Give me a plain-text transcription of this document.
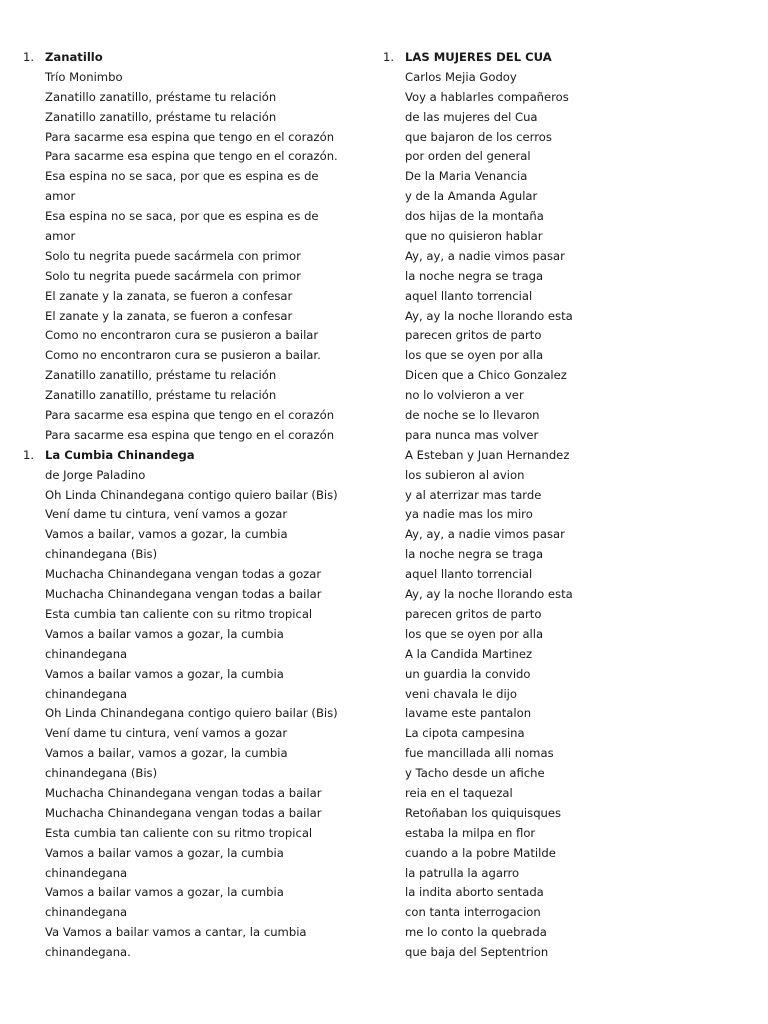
1. Zanatillo
Trío Monimbo
Zanatillo zanatillo, préstame tu relación
Zanatillo zanatillo, préstame tu relación
Para sacarme esa espina que tengo en el corazón
Para sacarme esa espina que tengo en el corazón.
Esa espina no se saca, por que es espina es de
amor
Esa espina no se saca, por que es espina es de
amor
Solo tu negrita puede sacármela con primor
Solo tu negrita puede sacármela con primor
El zanate y la zanata, se fueron a confesar
El zanate y la zanata, se fueron a confesar
Como no encontraron cura se pusieron a bailar
Como no encontraron cura se pusieron a bailar.
Zanatillo zanatillo, préstame tu relación
Zanatillo zanatillo, préstame tu relación
Para sacarme esa espina que tengo en el corazón
Para sacarme esa espina que tengo en el corazón
1. La Cumbia Chinandega
de Jorge Paladino
Oh Linda Chinandegana contigo quiero bailar (Bis)
Vení dame tu cintura, vení vamos a gozar
Vamos a bailar, vamos a gozar, la cumbia
chinandegana (Bis)
Muchacha Chinandegana vengan todas a gozar
Muchacha Chinandegana vengan todas a bailar
Esta cumbia tan caliente con su ritmo tropical
Vamos a bailar vamos a gozar, la cumbia
chinandegana
Vamos a bailar vamos a gozar, la cumbia
chinandegana
Oh Linda Chinandegana contigo quiero bailar (Bis)
Vení dame tu cintura, vení vamos a gozar
Vamos a bailar, vamos a gozar, la cumbia
chinandegana (Bis)
Muchacha Chinandegana vengan todas a bailar
Muchacha Chinandegana vengan todas a bailar
Esta cumbia tan caliente con su ritmo tropical
Vamos a bailar vamos a gozar, la cumbia
chinandegana
Vamos a bailar vamos a gozar, la cumbia
chinandegana
Va Vamos a bailar vamos a cantar, la cumbia
chinandegana.
1. LAS MUJERES DEL CUA
Carlos Mejia Godoy
Voy a hablarles compañeros
de las mujeres del Cua
que bajaron de los cerros
por orden del general
De la Maria Venancia
y de la Amanda Agular
dos hijas de la montaña
que no quisieron hablar
Ay, ay, a nadie vimos pasar
la noche negra se traga
aquel llanto torrencial
Ay, ay la noche llorando esta
parecen gritos de parto
los que se oyen por alla
Dicen que a Chico Gonzalez
no lo volvieron a ver
de noche se lo llevaron
para nunca mas volver
A Esteban y Juan Hernandez
los subieron al avion
y al aterrizar mas tarde
ya nadie mas los miro
Ay, ay, a nadie vimos pasar
la noche negra se traga
aquel llanto torrencial
Ay, ay la noche llorando esta
parecen gritos de parto
los que se oyen por alla
A la Candida Martinez
un guardia la convido
veni chavala le dijo
lavame este pantalon
La cipota campesina
fue mancillada alli nomas
y Tacho desde un afiche
reia en el taquezal
Retoñaban los quiquisques
estaba la milpa en flor
cuando a la pobre Matilde
la patrulla la agarro
la indita aborto sentada
con tanta interrogacion
me lo conto la quebrada
que baja del Septentrion
